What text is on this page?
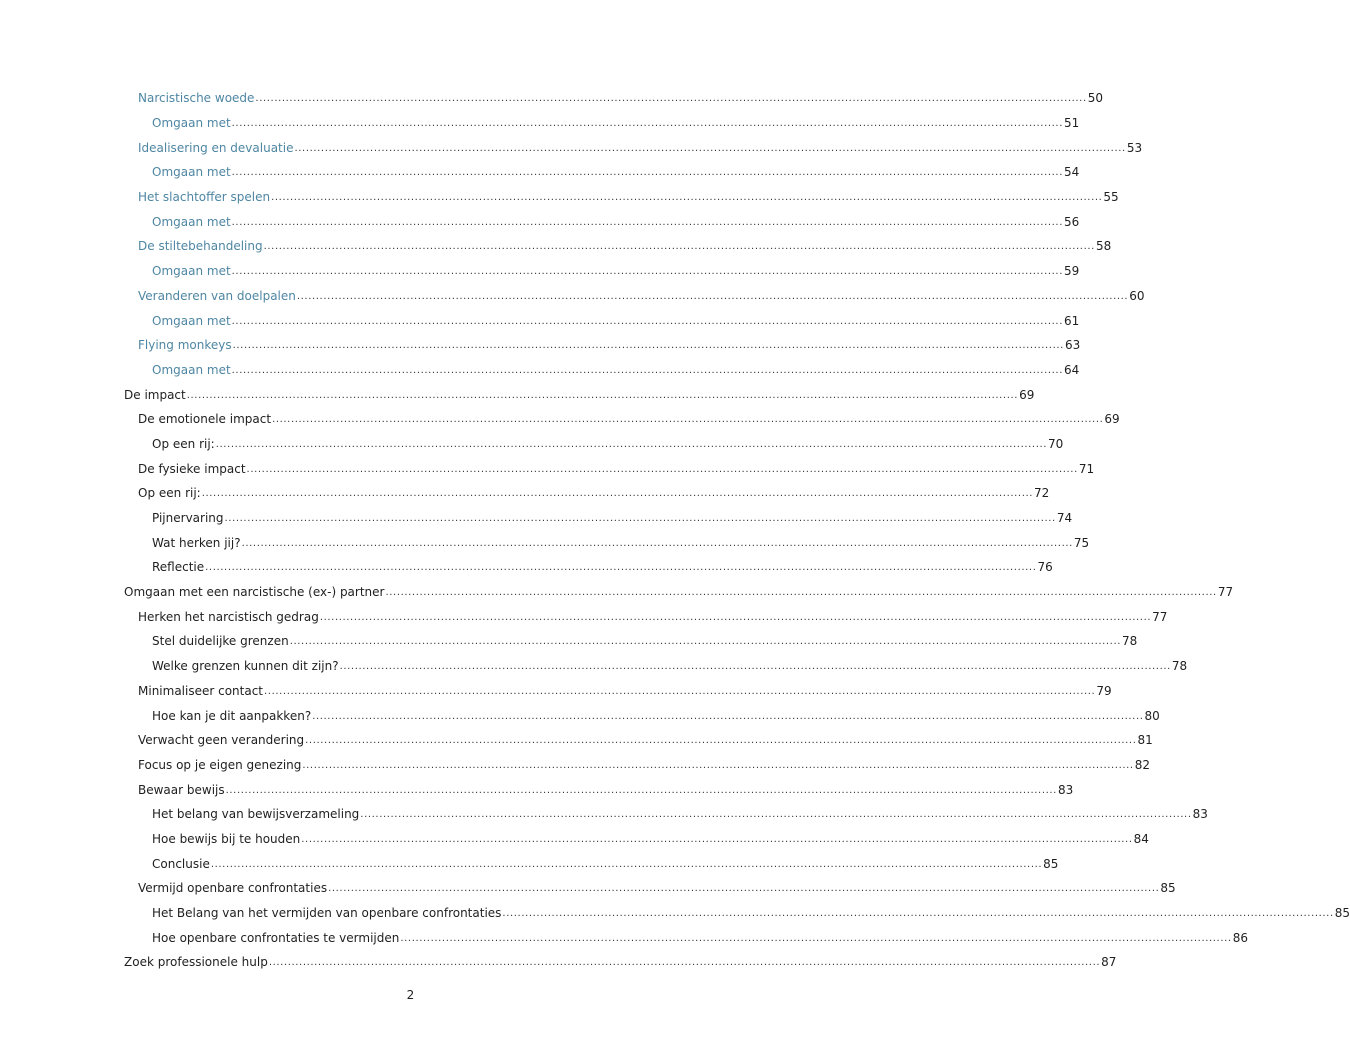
Narcistische woede ............................................................................................................................................................................................................................ 50
Omgaan met ............................................................................................................................................................................................................................ 51
Idealisering en devaluatie ............................................................................................................................................................................................................................ 53
Omgaan met ............................................................................................................................................................................................................................ 54
Het slachtoffer spelen ............................................................................................................................................................................................................................ 55
Omgaan met ............................................................................................................................................................................................................................ 56
De stiltebehandeling ............................................................................................................................................................................................................................ 58
Omgaan met ............................................................................................................................................................................................................................ 59
Veranderen van doelpalen ............................................................................................................................................................................................................................ 60
Omgaan met ............................................................................................................................................................................................................................ 61
Flying monkeys ............................................................................................................................................................................................................................ 63
Omgaan met ............................................................................................................................................................................................................................ 64
De impact ............................................................................................................................................................................................................................ 69
De emotionele impact ............................................................................................................................................................................................................................ 69
Op een rij: ............................................................................................................................................................................................................................ 70
De fysieke impact ............................................................................................................................................................................................................................ 71
Op een rij: ............................................................................................................................................................................................................................ 72
Pijnervaring ............................................................................................................................................................................................................................ 74
Wat herken jij? ............................................................................................................................................................................................................................ 75
Reflectie ............................................................................................................................................................................................................................ 76
Omgaan met een narcistische (ex-) partner ............................................................................................................................................................................................................................ 77
Herken het narcistisch gedrag ............................................................................................................................................................................................................................ 77
Stel duidelijke grenzen ............................................................................................................................................................................................................................ 78
Welke grenzen kunnen dit zijn? ............................................................................................................................................................................................................................ 78
Minimaliseer contact ............................................................................................................................................................................................................................ 79
Hoe kan je dit aanpakken? ............................................................................................................................................................................................................................ 80
Verwacht geen verandering ............................................................................................................................................................................................................................ 81
Focus op je eigen genezing ............................................................................................................................................................................................................................ 82
Bewaar bewijs ............................................................................................................................................................................................................................ 83
Het belang van bewijsverzameling ............................................................................................................................................................................................................................ 83
Hoe bewijs bij te houden ............................................................................................................................................................................................................................ 84
Conclusie ............................................................................................................................................................................................................................ 85
Vermijd openbare confrontaties ............................................................................................................................................................................................................................ 85
Het Belang van het vermijden van openbare confrontaties ............................................................................................................................................................................................................................ 85
Hoe openbare confrontaties te vermijden ............................................................................................................................................................................................................................ 86
Zoek professionele hulp ............................................................................................................................................................................................................................ 87
2
